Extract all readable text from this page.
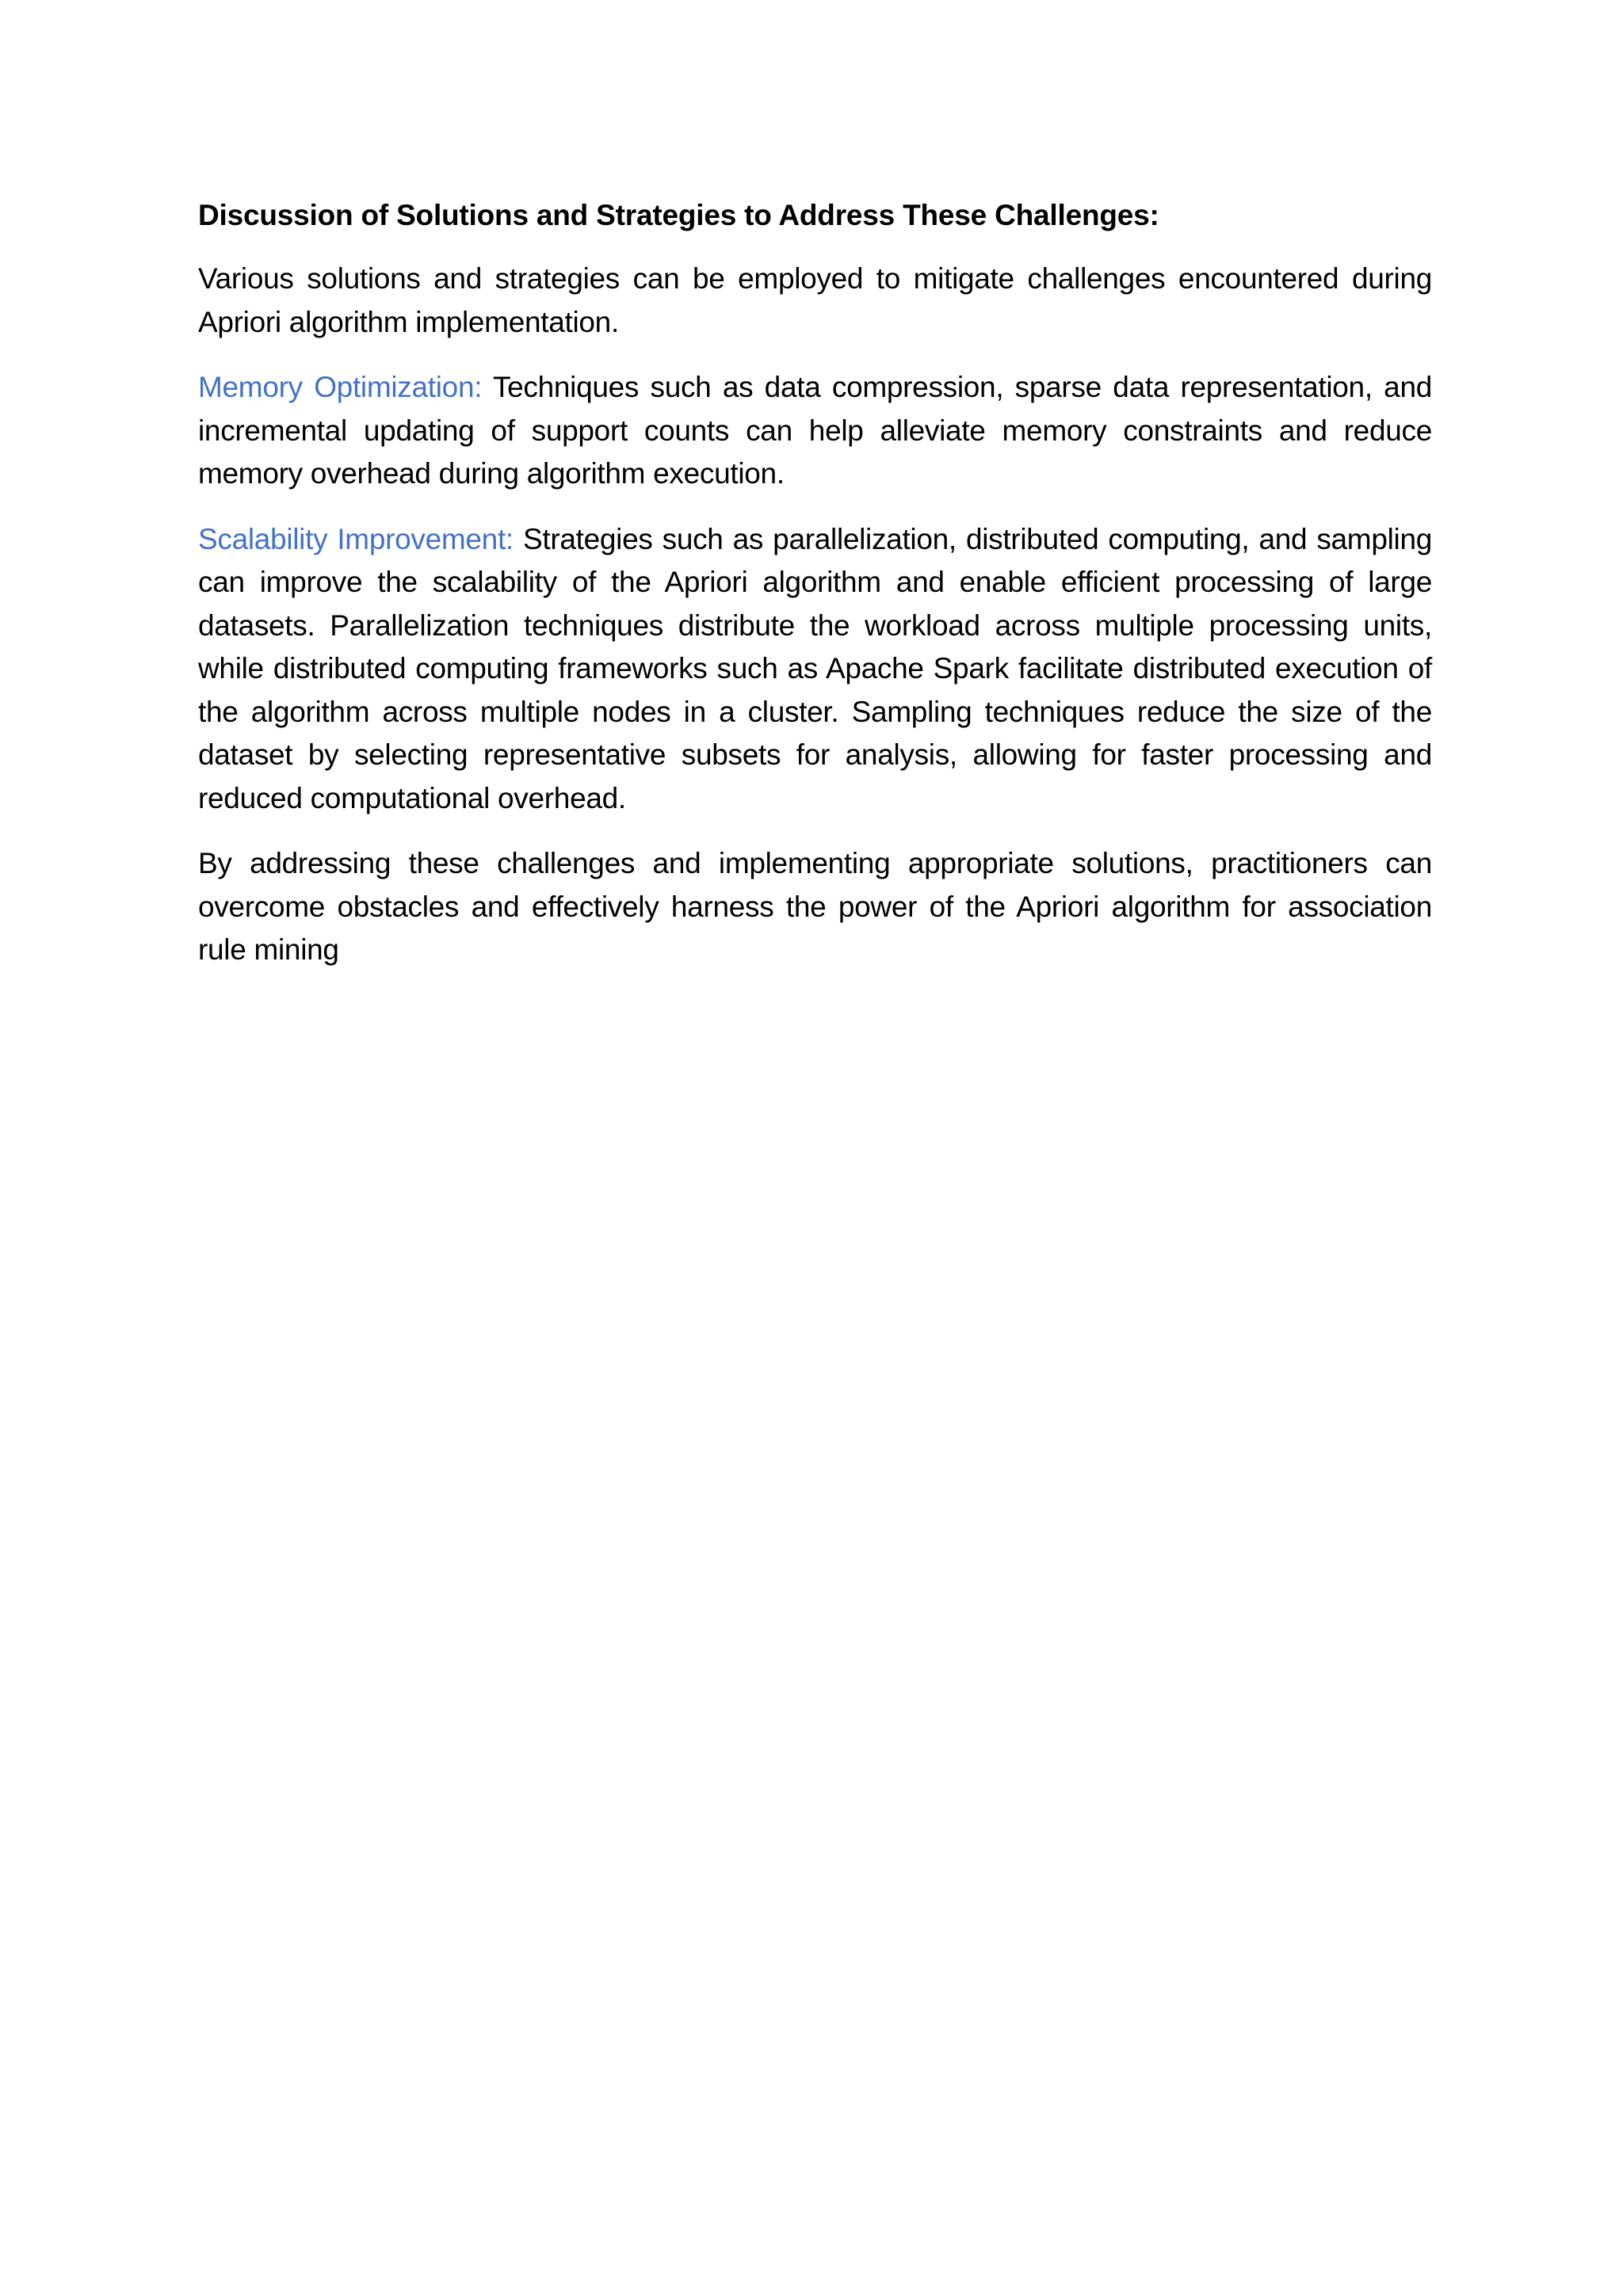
Discussion of Solutions and Strategies to Address These Challenges:

Various solutions and strategies can be employed to mitigate challenges encountered during Apriori algorithm implementation.

Memory Optimization: Techniques such as data compression, sparse data representation, and incremental updating of support counts can help alleviate memory constraints and reduce memory overhead during algorithm execution.

Scalability Improvement: Strategies such as parallelization, distributed computing, and sampling can improve the scalability of the Apriori algorithm and enable efficient processing of large datasets. Parallelization techniques distribute the workload across multiple processing units, while distributed computing frameworks such as Apache Spark facilitate distributed execution of the algorithm across multiple nodes in a cluster. Sampling techniques reduce the size of the dataset by selecting representative subsets for analysis, allowing for faster processing and reduced computational overhead.

By addressing these challenges and implementing appropriate solutions, practitioners can overcome obstacles and effectively harness the power of the Apriori algorithm for association rule mining
